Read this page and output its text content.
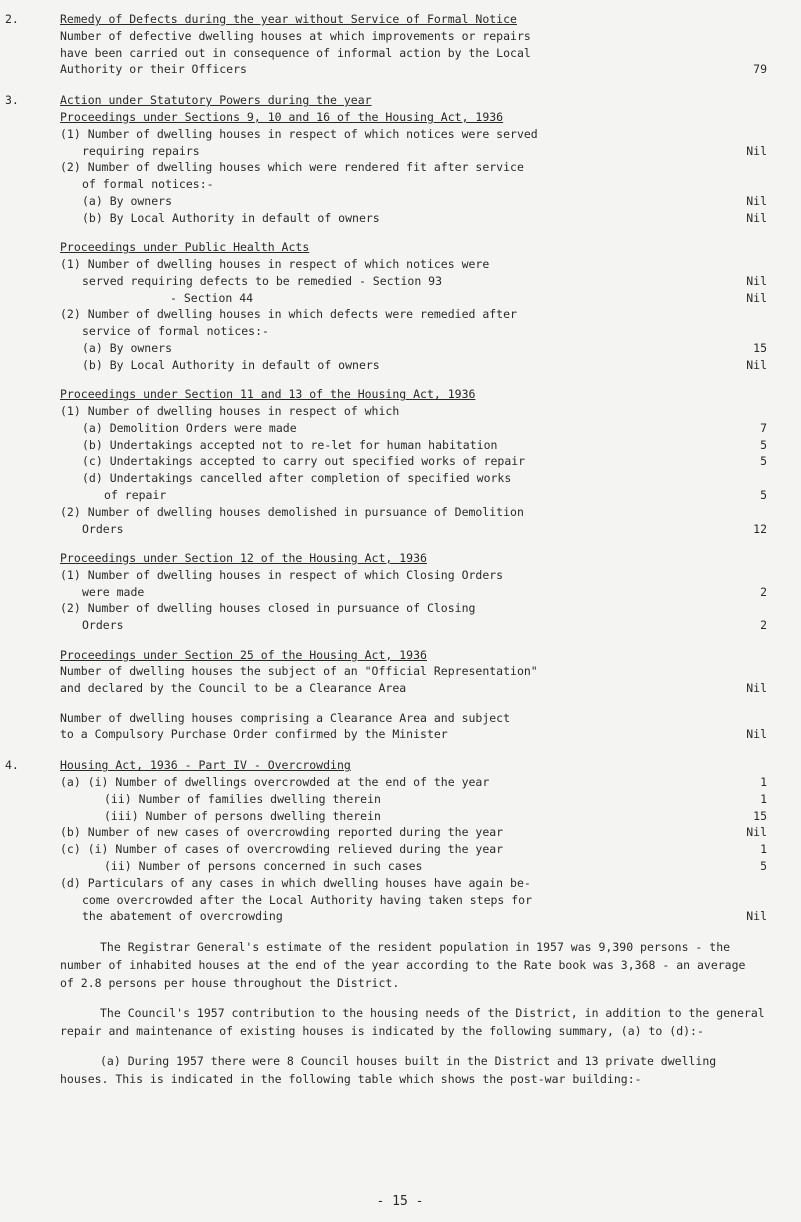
2.	Remedy of Defects during the year without Service of Formal Notice
Number of defective dwelling houses at which improvements or repairs
have been carried out in consequence of informal action by the Local
Authority or their Officers	79
3.	Action under Statutory Powers during the year
Proceedings under Sections 9, 10 and 16 of the Housing Act, 1936
(1) Number of dwelling houses in respect of which notices were served
requiring repairs	Nil
(2) Number of dwelling houses which were rendered fit after service
of formal notices:-
(a) By owners	Nil
(b) By Local Authority in default of owners	Nil
Proceedings under Public Health Acts
(1) Number of dwelling houses in respect of which notices were
served requiring defects to be remedied - Section 93	Nil
- Section 44	Nil
(2) Number of dwelling houses in which defects were remedied after
service of formal notices:-
(a) By owners	15
(b) By Local Authority in default of owners	Nil
Proceedings under Section 11 and 13 of the Housing Act, 1936
(1) Number of dwelling houses in respect of which
(a) Demolition Orders were made	7
(b) Undertakings accepted not to re-let for human habitation	5
(c) Undertakings accepted to carry out specified works of repair	5
(d) Undertakings cancelled after completion of specified works
of repair	5
(2) Number of dwelling houses demolished in pursuance of Demolition
Orders	12
Proceedings under Section 12 of the Housing Act, 1936
(1) Number of dwelling houses in respect of which Closing Orders
were made	2
(2) Number of dwelling houses closed in pursuance of Closing
Orders	2
Proceedings under Section 25 of the Housing Act, 1936
Number of dwelling houses the subject of an "Official Representation"
and declared by the Council to be a Clearance Area	Nil
Number of dwelling houses comprising a Clearance Area and subject
to a Compulsory Purchase Order confirmed by the Minister	Nil
4.	Housing Act, 1936 - Part IV - Overcrowding
(a) (i) Number of dwellings overcrowded at the end of the year	1
(ii) Number of families dwelling therein	1
(iii) Number of persons dwelling therein	15
(b) Number of new cases of overcrowding reported during the year	Nil
(c) (i) Number of cases of overcrowding relieved during the year	1
(ii) Number of persons concerned in such cases	5
(d) Particulars of any cases in which dwelling houses have again be-
come overcrowded after the Local Authority having taken steps for
the abatement of overcrowding	Nil
The Registrar General's estimate of the resident population in 1957 was 9,390 persons - the number of inhabited houses at the end of the year according to the Rate book was 3,368 - an average of 2.8 persons per house throughout the District.
The Council's 1957 contribution to the housing needs of the District, in addition to the general repair and maintenance of existing houses is indicated by the following summary, (a) to (d):-
(a) During 1957 there were 8 Council houses built in the District and 13 private dwelling houses. This is indicated in the following table which shows the post-war building:-
- 15 -
